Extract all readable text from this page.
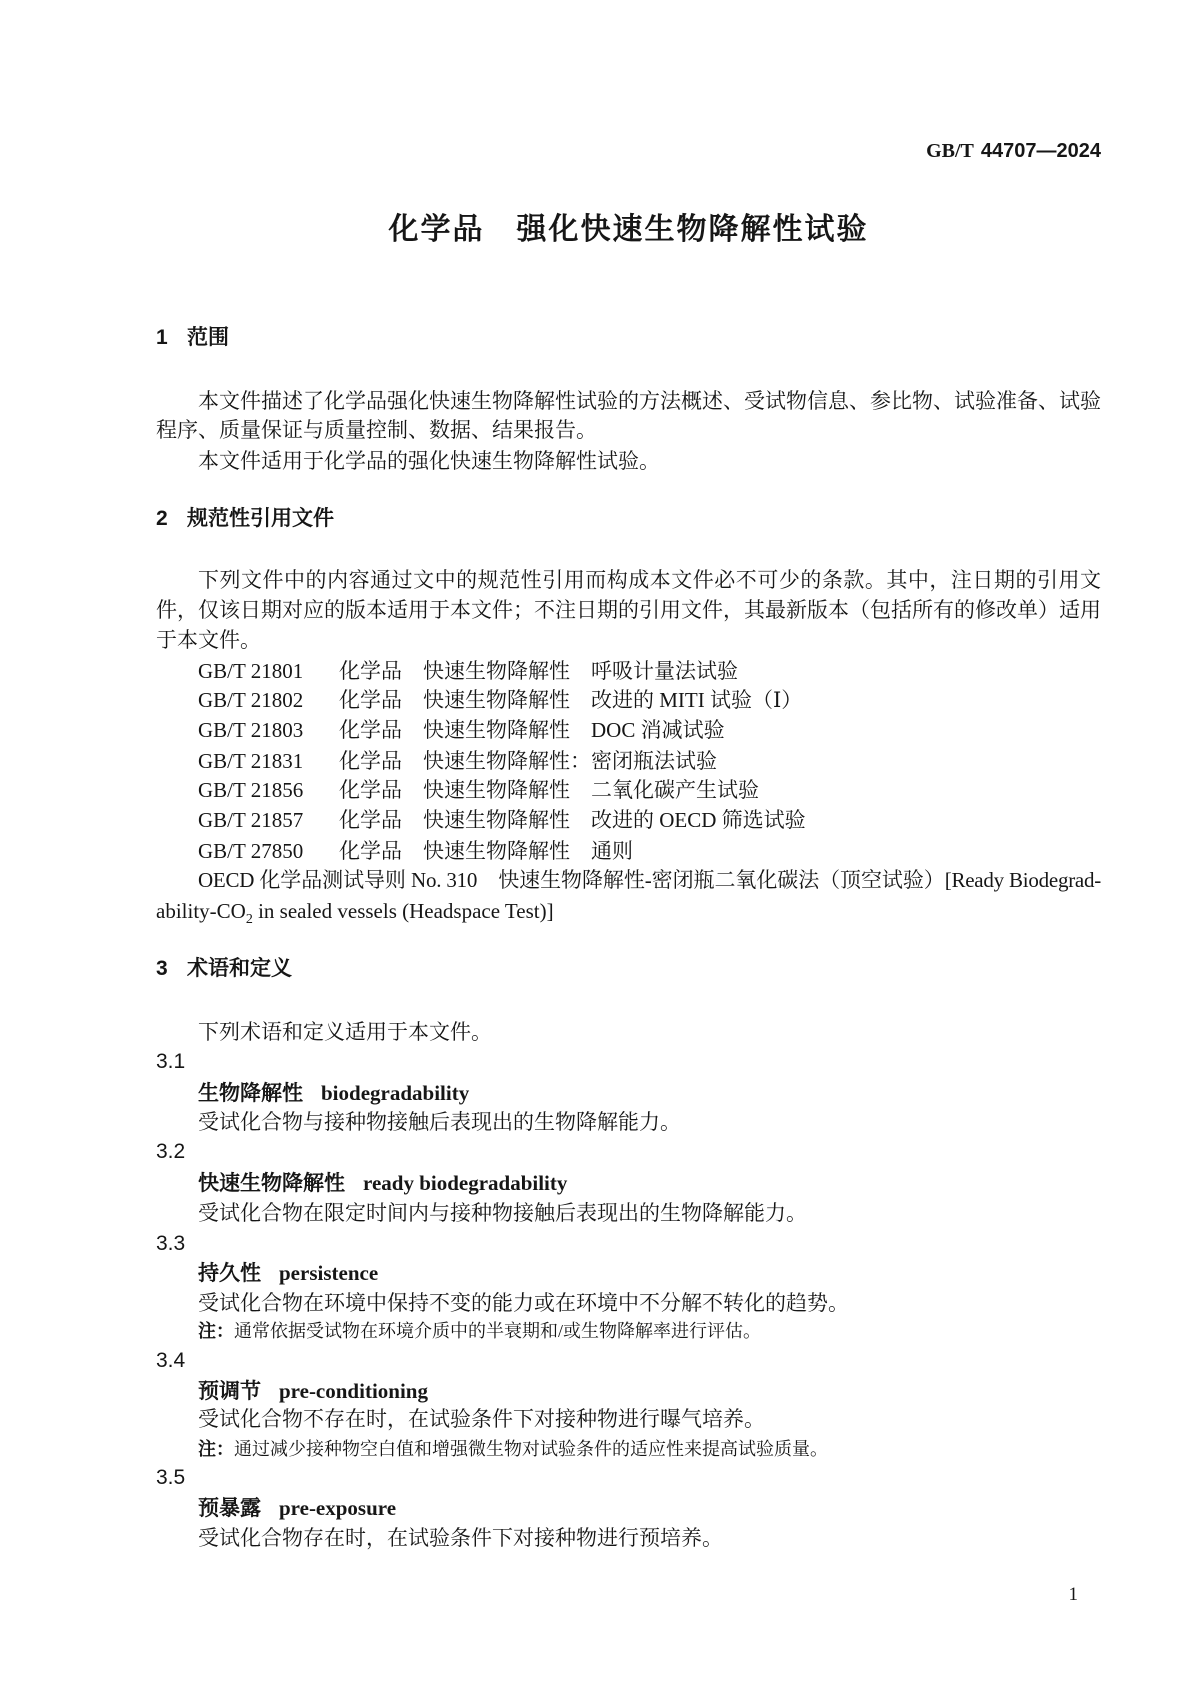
GB/T 44707—2024
化学品　强化快速生物降解性试验
1 范围
本文件描述了化学品强化快速生物降解性试验的方法概述、受试物信息、参比物、试验准备、试验
程序、质量保证与质量控制、数据、结果报告。
本文件适用于化学品的强化快速生物降解性试验。
2 规范性引用文件
下列文件中的内容通过文中的规范性引用而构成本文件必不可少的条款。其中，注日期的引用文
件，仅该日期对应的版本适用于本文件；不注日期的引用文件，其最新版本（包括所有的修改单）适用
于本文件。
GB/T 21801 化学品 快速生物降解性 呼吸计量法试验
GB/T 21802 化学品 快速生物降解性 改进的 MITI 试验（Ⅰ）
GB/T 21803 化学品 快速生物降解性 DOC 消减试验
GB/T 21831 化学品 快速生物降解性：密闭瓶法试验
GB/T 21856 化学品 快速生物降解性 二氧化碳产生试验
GB/T 21857 化学品 快速生物降解性 改进的 OECD 筛选试验
GB/T 27850 化学品 快速生物降解性 通则
OECD 化学品测试导则 No. 310　快速生物降解性-密闭瓶二氧化碳法（顶空试验）[Ready Biodegrad-
ability-$CO_2$ in sealed vessels (Headspace Test)]
3 术语和定义
下列术语和定义适用于本文件。
3.1
生物降解性 biodegradability
受试化合物与接种物接触后表现出的生物降解能力。
3.2
快速生物降解性 ready biodegradability
受试化合物在限定时间内与接种物接触后表现出的生物降解能力。
3.3
持久性 persistence
受试化合物在环境中保持不变的能力或在环境中不分解不转化的趋势。
注：通常依据受试物在环境介质中的半衰期和/或生物降解率进行评估。
3.4
预调节 pre-conditioning
受试化合物不存在时，在试验条件下对接种物进行曝气培养。
注：通过减少接种物空白值和增强微生物对试验条件的适应性来提高试验质量。
3.5
预暴露 pre-exposure
受试化合物存在时，在试验条件下对接种物进行预培养。
1
